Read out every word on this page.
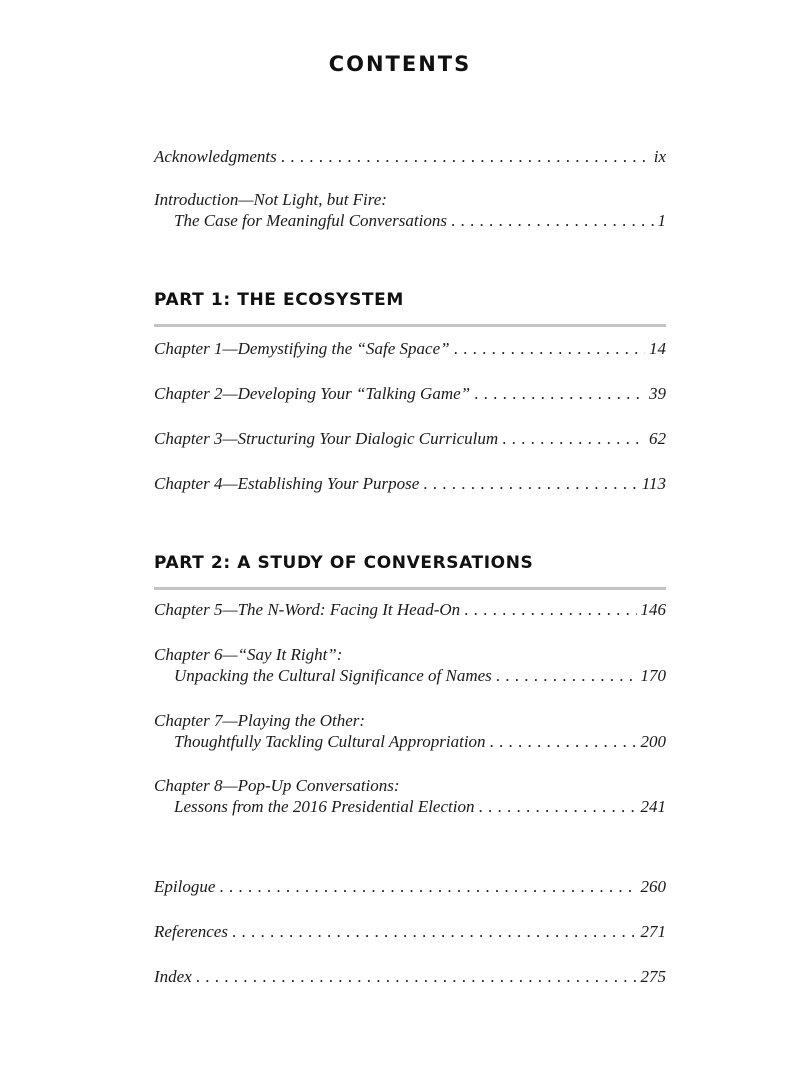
CONTENTS
Acknowledgments . . .	ix
Introduction—Not Light, but Fire:
The Case for Meaningful Conversations . . .	1
PART 1: THE ECOSYSTEM
Chapter 1—Demystifying the “Safe Space” . . .	14
Chapter 2—Developing Your “Talking Game” . . .	39
Chapter 3—Structuring Your Dialogic Curriculum . . .	62
Chapter 4—Establishing Your Purpose . . .	113
PART 2: A STUDY OF CONVERSATIONS
Chapter 5—The N-Word: Facing It Head-On . . .	146
Chapter 6—“Say It Right”:
Unpacking the Cultural Significance of Names . . .	170
Chapter 7—Playing the Other:
Thoughtfully Tackling Cultural Appropriation . . .	200
Chapter 8—Pop-Up Conversations:
Lessons from the 2016 Presidential Election . . .	241
Epilogue . . .	260
References . . .	271
Index . . .	275
